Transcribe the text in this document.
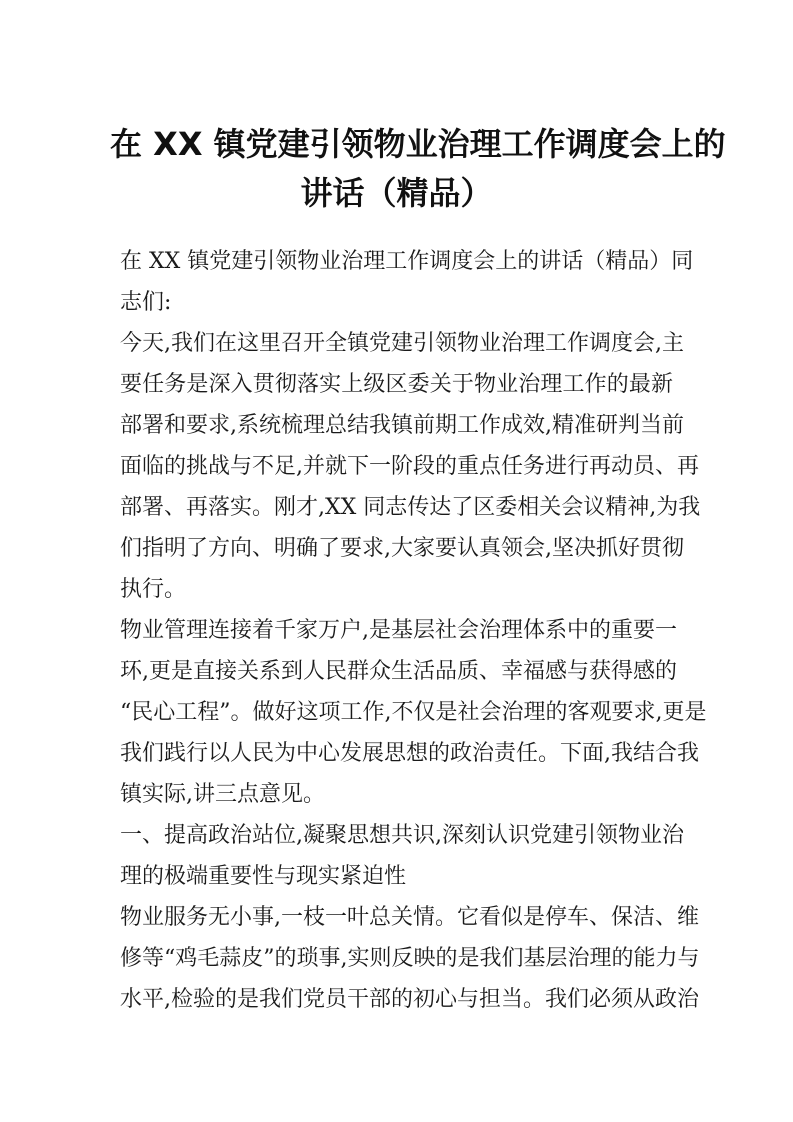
在 XX 镇党建引领物业治理工作调度会上的
讲话（精品）

在 XX 镇党建引领物业治理工作调度会上的讲话（精品）同

志们:

今天,我们在这里召开全镇党建引领物业治理工作调度会,主

要任务是深入贯彻落实上级区委关于物业治理工作的最新

部署和要求,系统梳理总结我镇前期工作成效,精准研判当前

面临的挑战与不足,并就下一阶段的重点任务进行再动员、再

部署、再落实。刚才,XX 同志传达了区委相关会议精神,为我

们指明了方向、明确了要求,大家要认真领会,坚决抓好贯彻

执行。

物业管理连接着千家万户,是基层社会治理体系中的重要一

环,更是直接关系到人民群众生活品质、幸福感与获得感的

“民心工程”。做好这项工作,不仅是社会治理的客观要求,更是

我们践行以人民为中心发展思想的政治责任。下面,我结合我

镇实际,讲三点意见。

一、提高政治站位,凝聚思想共识,深刻认识党建引领物业治

理的极端重要性与现实紧迫性

物业服务无小事,一枝一叶总关情。它看似是停车、保洁、维

修等“鸡毛蒜皮”的琐事,实则反映的是我们基层治理的能力与

水平,检验的是我们党员干部的初心与担当。我们必须从政治
